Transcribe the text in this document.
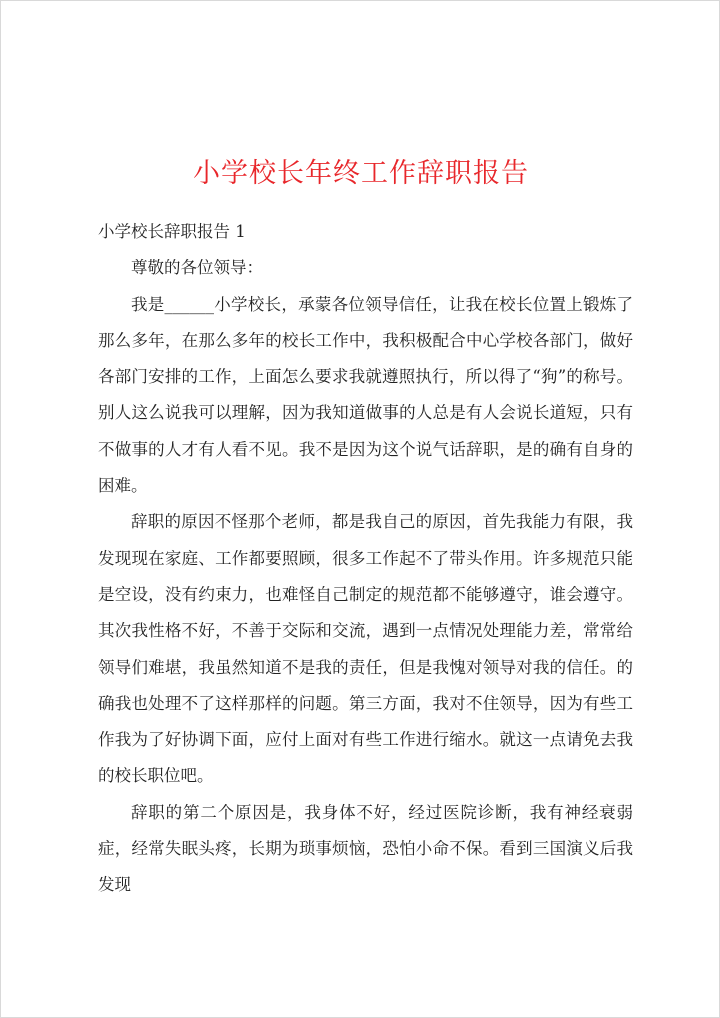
小学校长年终工作辞职报告

小学校长辞职报告 1

尊敬的各位领导：

我是______小学校长，承蒙各位领导信任，让我在校长位置上锻炼了那么多年，在那么多年的校长工作中，我积极配合中心学校各部门，做好各部门安排的工作，上面怎么要求我就遵照执行，所以得了“狗”的称号。别人这么说我可以理解，因为我知道做事的人总是有人会说长道短，只有不做事的人才有人看不见。我不是因为这个说气话辞职，是的确有自身的困难。

辞职的原因不怪那个老师，都是我自己的原因，首先我能力有限，我发现现在家庭、工作都要照顾，很多工作起不了带头作用。许多规范只能是空设，没有约束力，也难怪自己制定的规范都不能够遵守，谁会遵守。其次我性格不好，不善于交际和交流，遇到一点情况处理能力差，常常给领导们难堪，我虽然知道不是我的责任，但是我愧对领导对我的信任。的确我也处理不了这样那样的问题。第三方面，我对不住领导，因为有些工作我为了好协调下面，应付上面对有些工作进行缩水。就这一点请免去我的校长职位吧。

辞职的第二个原因是，我身体不好，经过医院诊断，我有神经衰弱症，经常失眠头疼，长期为琐事烦恼，恐怕小命不保。看到三国演义后我发现
